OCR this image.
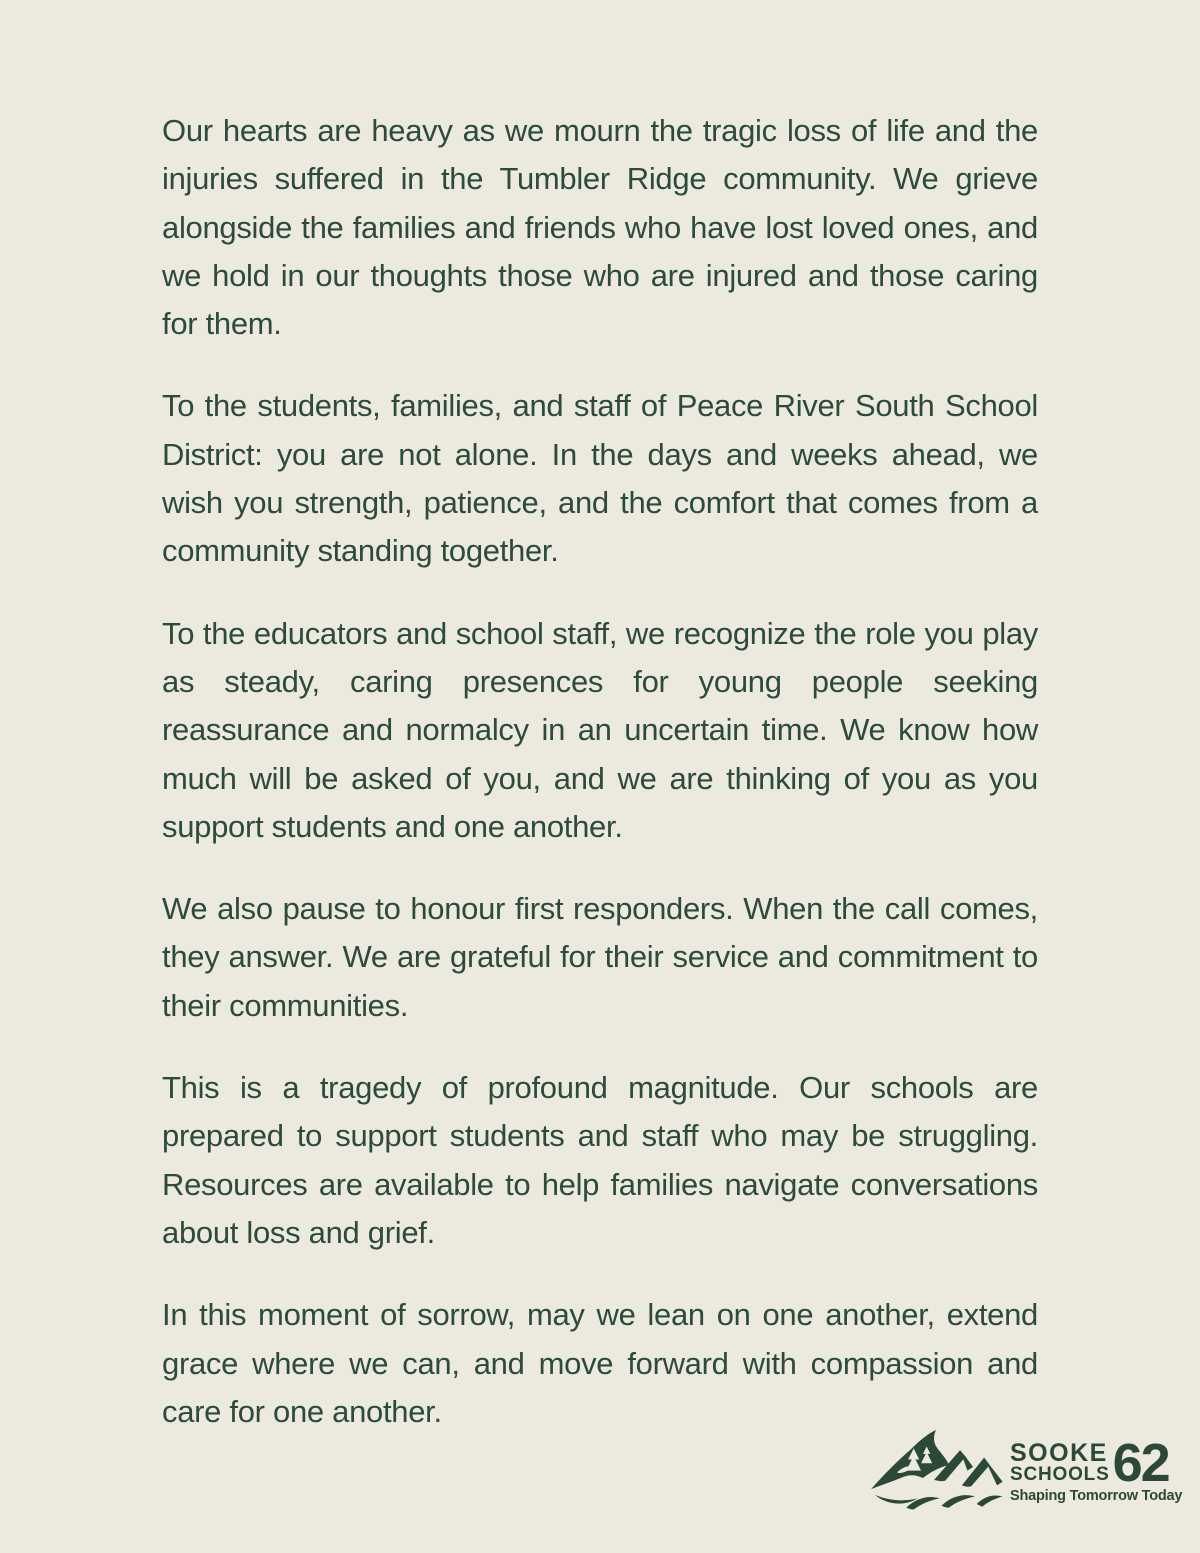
Our hearts are heavy as we mourn the tragic loss of life and the injuries suffered in the Tumbler Ridge community. We grieve alongside the families and friends who have lost loved ones, and we hold in our thoughts those who are injured and those caring for them.

To the students, families, and staff of Peace River South School District: you are not alone. In the days and weeks ahead, we wish you strength, patience, and the comfort that comes from a community standing together.

To the educators and school staff, we recognize the role you play as steady, caring presences for young people seeking reassurance and normalcy in an uncertain time. We know how much will be asked of you, and we are thinking of you as you support students and one another.

We also pause to honour first responders. When the call comes, they answer. We are grateful for their service and commitment to their communities.

This is a tragedy of profound magnitude. Our schools are prepared to support students and staff who may be struggling. Resources are available to help families navigate conversations about loss and grief.

In this moment of sorrow, may we lean on one another, extend grace where we can, and move forward with compassion and care for one another.

SOOKE
SCHOOLS 62
Shaping Tomorrow Today
